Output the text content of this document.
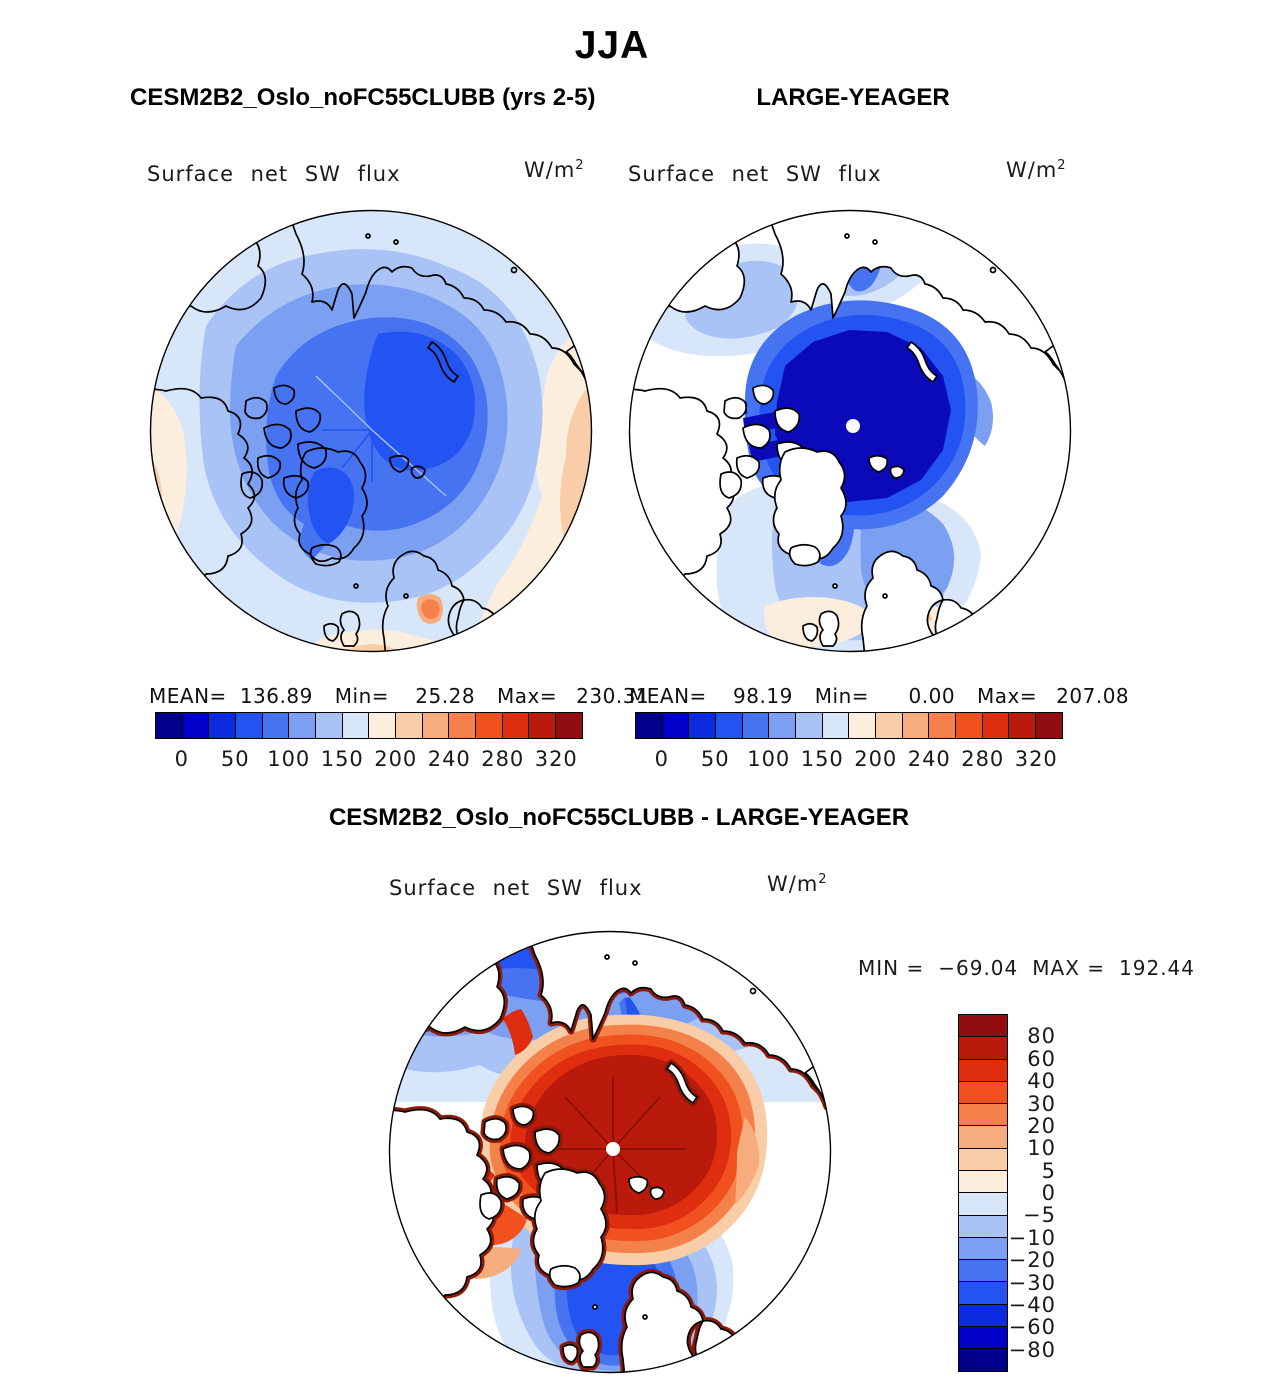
JJA
CESM2B2_Oslo_noFC55CLUBB (yrs 2-5)	LARGE-YEAGER
Surface net SW flux	$W/m^2$ Surface net SW flux	$W/m^2$
MEAN= 136.89 Min=	25.28 Max= 230.31
0 50 100 150 200 240 280 320
MEAN=	98.19 Min=	0.00 Max= 207.08
0 50 100 150 200 240 280 320
CESM2B2_Oslo_noFC55CLUBB - LARGE-YEAGER
Surface net SW flux	$W/m^2$
MIN = −69.04 MAX = 192.44
80
60
40
30
20
10
5
0
−5
−10
−20
−30
−40
−60
−80
